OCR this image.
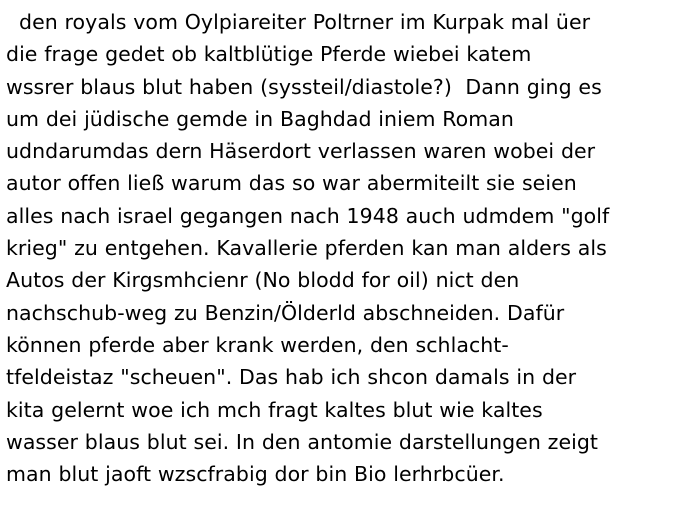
den royals vom Oylpiareiter Poltrner im Kurpak mal üer
die frage gedet ob kaltblütige Pferde wiebei katem
wssrer blaus blut haben (syssteil/diastole?)  Dann ging es
um dei jüdische gemde in Baghdad iniem Roman
udndarumdas dern Häserdort verlassen waren wobei der
autor offen ließ warum das so war abermiteilt sie seien
alles nach israel gegangen nach 1948 auch udmdem "golf
krieg" zu entgehen. Kavallerie pferden kan man alders als
Autos der Kirgsmhcienr (No blodd for oil) nict den
nachschub-weg zu Benzin/Ölderld abschneiden. Dafür
können pferde aber krank werden, den schlacht-
tfeldeistaz "scheuen". Das hab ich shcon damals in der
kita gelernt woe ich mch fragt kaltes blut wie kaltes
wasser blaus blut sei. In den antomie darstellungen zeigt
man blut jaoft wzscfrabig dor bin Bio lerhrbcüer.
